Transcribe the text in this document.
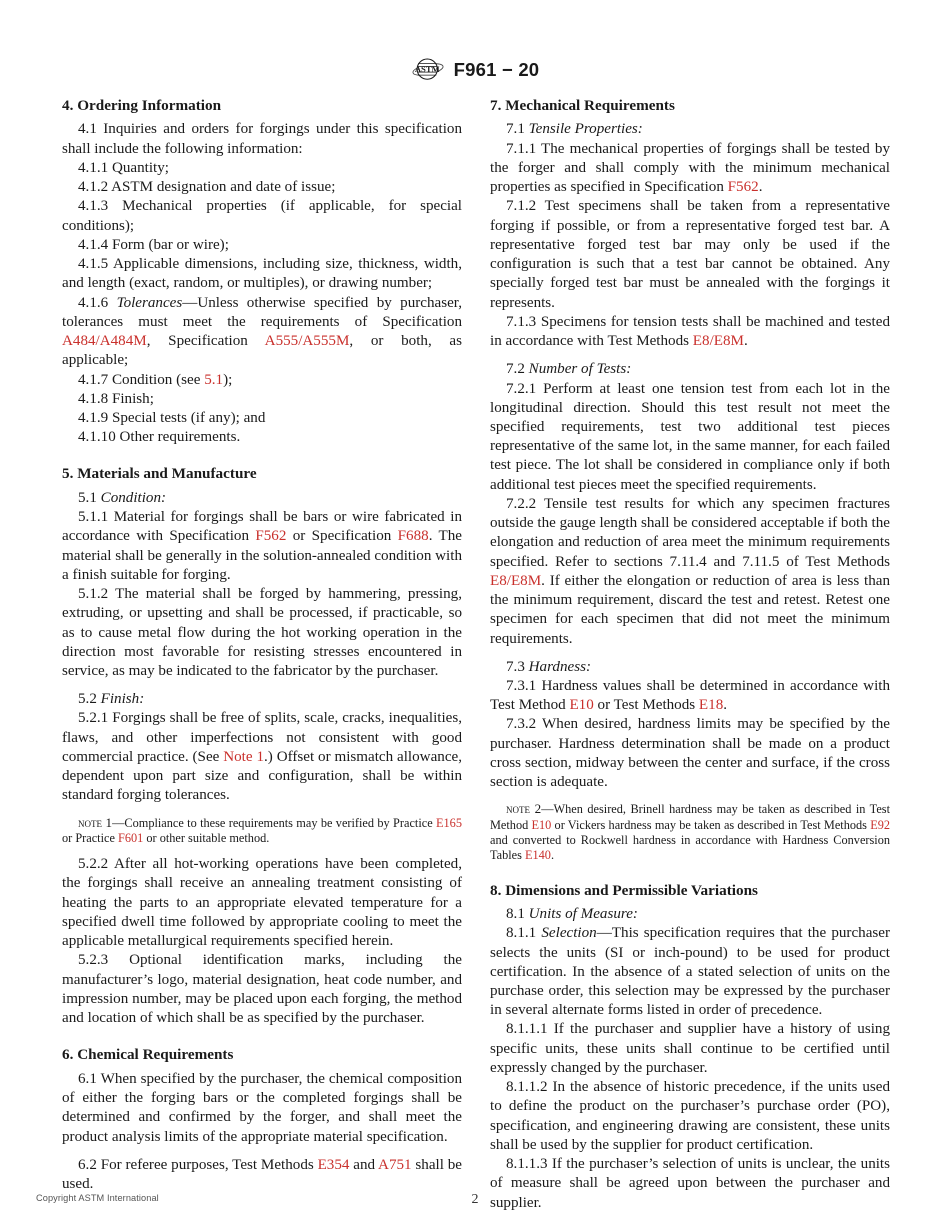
ASTM F961 − 20
4. Ordering Information

4.1 Inquiries and orders for forgings under this specification shall include the following information:

4.1.1 Quantity;

4.1.2 ASTM designation and date of issue;

4.1.3 Mechanical properties (if applicable, for special conditions);

4.1.4 Form (bar or wire);

4.1.5 Applicable dimensions, including size, thickness, width, and length (exact, random, or multiples), or drawing number;

4.1.6 Tolerances—Unless otherwise specified by purchaser, tolerances must meet the requirements of Specification A484/A484M, Specification A555/A555M, or both, as applicable;

4.1.7 Condition (see 5.1);

4.1.8 Finish;

4.1.9 Special tests (if any); and

4.1.10 Other requirements.

5. Materials and Manufacture

5.1 Condition:

5.1.1 Material for forgings shall be bars or wire fabricated in accordance with Specification F562 or Specification F688. The material shall be generally in the solution-annealed condition with a finish suitable for forging.

5.1.2 The material shall be forged by hammering, pressing, extruding, or upsetting and shall be processed, if practicable, so as to cause metal flow during the hot working operation in the direction most favorable for resisting stresses encountered in service, as may be indicated to the fabricator by the purchaser.

5.2 Finish:

5.2.1 Forgings shall be free of splits, scale, cracks, inequalities, flaws, and other imperfections not consistent with good commercial practice. (See Note 1.) Offset or mismatch allowance, dependent upon part size and configuration, shall be within standard forging tolerances.

note 1—Compliance to these requirements may be verified by Practice E165 or Practice F601 or other suitable method.

5.2.2 After all hot-working operations have been completed, the forgings shall receive an annealing treatment consisting of heating the parts to an appropriate elevated temperature for a specified dwell time followed by appropriate cooling to meet the applicable metallurgical requirements specified herein.

5.2.3 Optional identification marks, including the manufacturer’s logo, material designation, heat code number, and impression number, may be placed upon each forging, the method and location of which shall be as specified by the purchaser.

6. Chemical Requirements

6.1 When specified by the purchaser, the chemical composition of either the forging bars or the completed forgings shall be determined and confirmed by the forger, and shall meet the product analysis limits of the appropriate material specification.

6.2 For referee purposes, Test Methods E354 and A751 shall be used.

7. Mechanical Requirements

7.1 Tensile Properties:

7.1.1 The mechanical properties of forgings shall be tested by the forger and shall comply with the minimum mechanical properties as specified in Specification F562.

7.1.2 Test specimens shall be taken from a representative forging if possible, or from a representative forged test bar. A representative forged test bar may only be used if the configuration is such that a test bar cannot be obtained. Any specially forged test bar must be annealed with the forgings it represents.

7.1.3 Specimens for tension tests shall be machined and tested in accordance with Test Methods E8/E8M.

7.2 Number of Tests:

7.2.1 Perform at least one tension test from each lot in the longitudinal direction. Should this test result not meet the specified requirements, test two additional test pieces representative of the same lot, in the same manner, for each failed test piece. The lot shall be considered in compliance only if both additional test pieces meet the specified requirements.

7.2.2 Tensile test results for which any specimen fractures outside the gauge length shall be considered acceptable if both the elongation and reduction of area meet the minimum requirements specified. Refer to sections 7.11.4 and 7.11.5 of Test Methods E8/E8M. If either the elongation or reduction of area is less than the minimum requirement, discard the test and retest. Retest one specimen for each specimen that did not meet the minimum requirements.

7.3 Hardness:

7.3.1 Hardness values shall be determined in accordance with Test Method E10 or Test Methods E18.

7.3.2 When desired, hardness limits may be specified by the purchaser. Hardness determination shall be made on a product cross section, midway between the center and surface, if the cross section is adequate.

note 2—When desired, Brinell hardness may be taken as described in Test Method E10 or Vickers hardness may be taken as described in Test Methods E92 and converted to Rockwell hardness in accordance with Hardness Conversion Tables E140.

8. Dimensions and Permissible Variations

8.1 Units of Measure:

8.1.1 Selection—This specification requires that the purchaser selects the units (SI or inch-pound) to be used for product certification. In the absence of a stated selection of units on the purchase order, this selection may be expressed by the purchaser in several alternate forms listed in order of precedence.

8.1.1.1 If the purchaser and supplier have a history of using specific units, these units shall continue to be certified until expressly changed by the purchaser.

8.1.1.2 In the absence of historic precedence, if the units used to define the product on the purchaser’s purchase order (PO), specification, and engineering drawing are consistent, these units shall be used by the supplier for product certification.

8.1.1.3 If the purchaser’s selection of units is unclear, the units of measure shall be agreed upon between the purchaser and supplier.

Copyright ASTM International	2
